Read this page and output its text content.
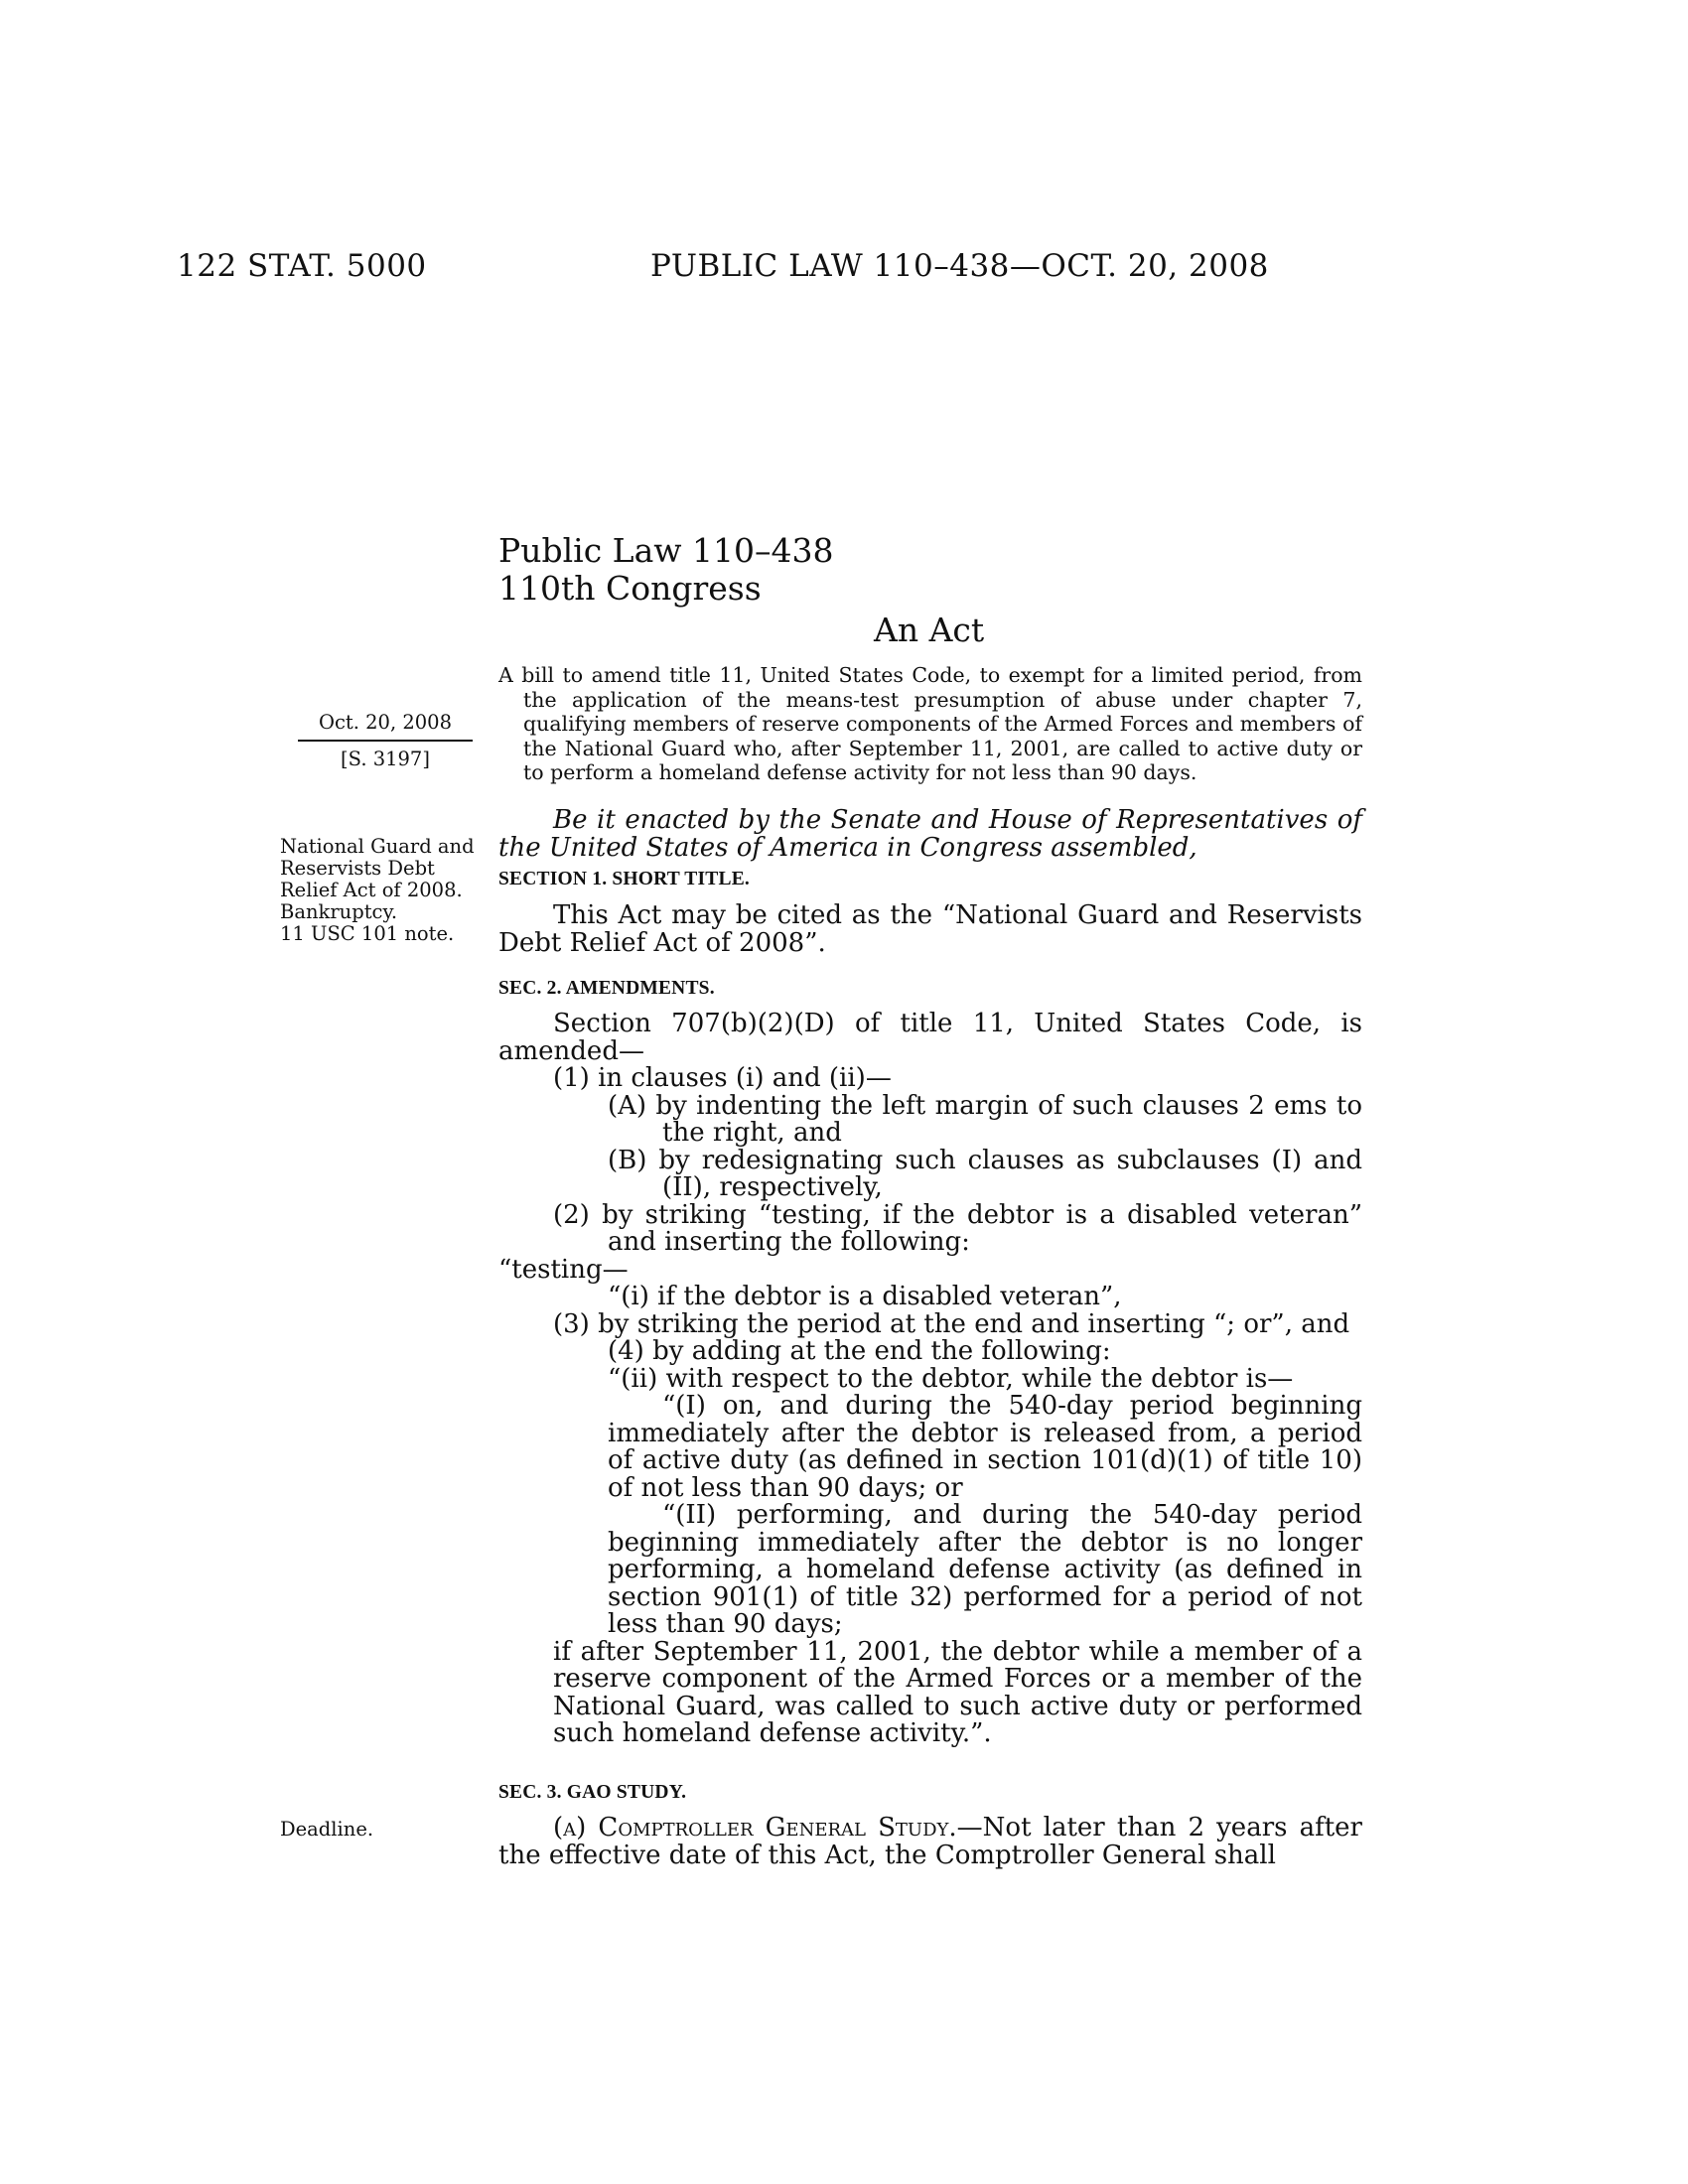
122 STAT. 5000	PUBLIC LAW 110–438—OCT. 20, 2008
Public Law 110–438
110th Congress
An Act
A bill to amend title 11, United States Code, to exempt for a limited period, from the application of the means-test presumption of abuse under chapter 7, qualifying members of reserve components of the Armed Forces and members of the National Guard who, after September 11, 2001, are called to active duty or to perform a homeland defense activity for not less than 90 days.
Oct. 20, 2008
[S. 3197]
National Guard and Reservists Debt Relief Act of 2008.
Bankruptcy.
11 USC 101 note.
Deadline.
Be it enacted by the Senate and House of Representatives of the United States of America in Congress assembled,
SECTION 1. SHORT TITLE.
This Act may be cited as the “National Guard and Reservists Debt Relief Act of 2008”.
SEC. 2. AMENDMENTS.
Section 707(b)(2)(D) of title 11, United States Code, is amended—
(1) in clauses (i) and (ii)—
(A) by indenting the left margin of such clauses 2 ems to the right, and
(B) by redesignating such clauses as subclauses (I) and (II), respectively,
(2) by striking “testing, if the debtor is a disabled veteran” and inserting the following:
“testing—
“(i) if the debtor is a disabled veteran”,
(3) by striking the period at the end and inserting “; or”, and
(4) by adding at the end the following:
“(ii) with respect to the debtor, while the debtor is—
“(I) on, and during the 540-day period beginning immediately after the debtor is released from, a period of active duty (as defined in section 101(d)(1) of title 10) of not less than 90 days; or
“(II) performing, and during the 540-day period beginning immediately after the debtor is no longer performing, a homeland defense activity (as defined in section 901(1) of title 32) performed for a period of not less than 90 days;
if after September 11, 2001, the debtor while a member of a reserve component of the Armed Forces or a member of the National Guard, was called to such active duty or performed such homeland defense activity.”.
SEC. 3. GAO STUDY.
(a) Comptroller General Study.—Not later than 2 years after the effective date of this Act, the Comptroller General shall
